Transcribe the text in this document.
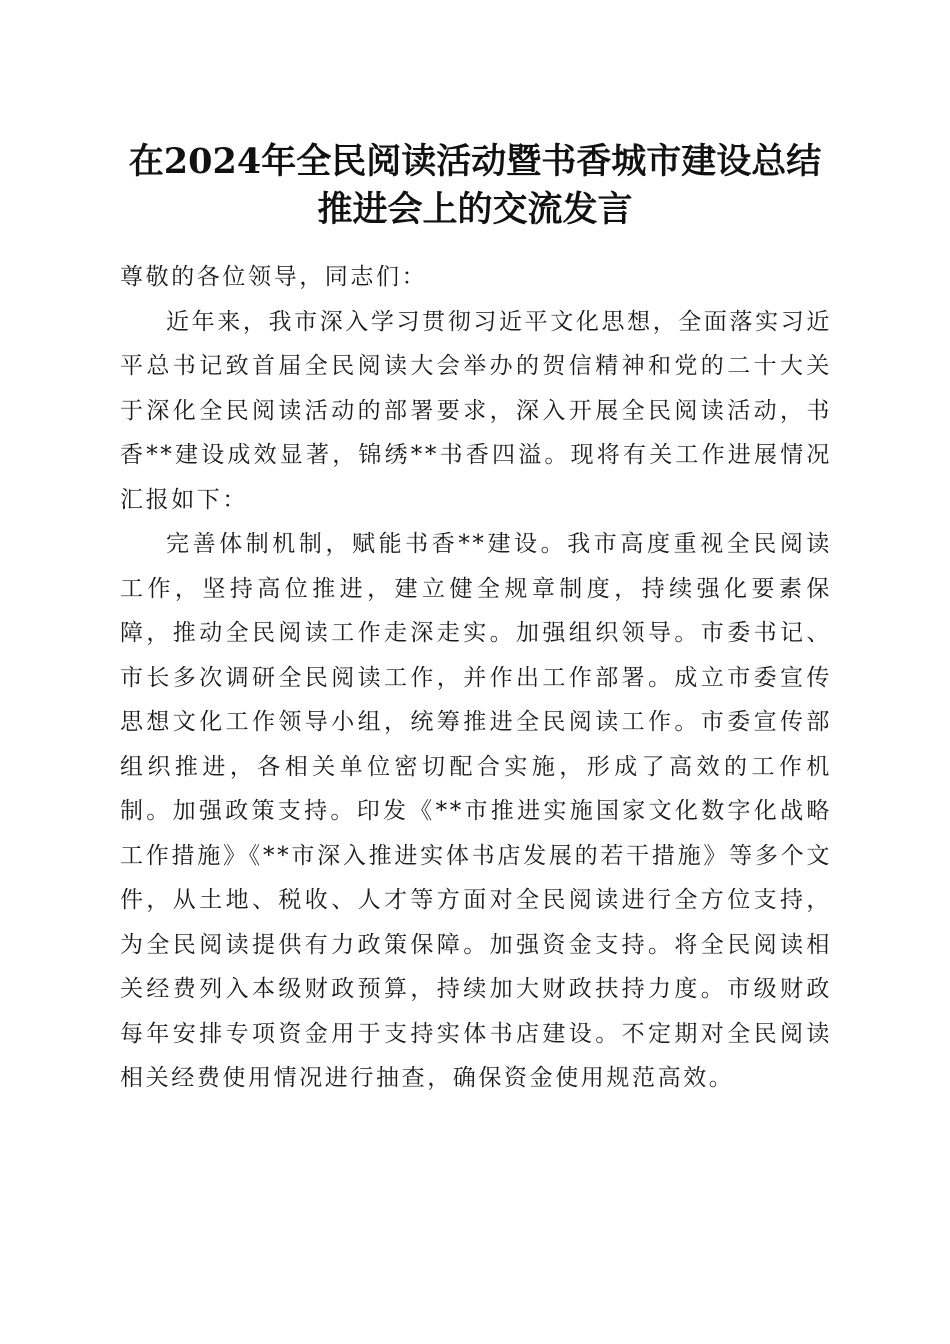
在2024年全民阅读活动暨书香城市建设总结
推进会上的交流发言

尊敬的各位领导，同志们：

近年来，我市深入学习贯彻习近平文化思想，全面落实习近平总书记致首届全民阅读大会举办的贺信精神和党的二十大关于深化全民阅读活动的部署要求，深入开展全民阅读活动，书香**建设成效显著，锦绣**书香四溢。现将有关工作进展情况汇报如下：

完善体制机制，赋能书香**建设。我市高度重视全民阅读工作，坚持高位推进，建立健全规章制度，持续强化要素保障，推动全民阅读工作走深走实。加强组织领导。市委书记、市长多次调研全民阅读工作，并作出工作部署。成立市委宣传思想文化工作领导小组，统筹推进全民阅读工作。市委宣传部组织推进，各相关单位密切配合实施，形成了高效的工作机制。加强政策支持。印发《**市推进实施国家文化数字化战略工作措施》《**市深入推进实体书店发展的若干措施》等多个文件，从土地、税收、人才等方面对全民阅读进行全方位支持，为全民阅读提供有力政策保障。加强资金支持。将全民阅读相关经费列入本级财政预算，持续加大财政扶持力度。市级财政每年安排专项资金用于支持实体书店建设。不定期对全民阅读相关经费使用情况进行抽查，确保资金使用规范高效。
